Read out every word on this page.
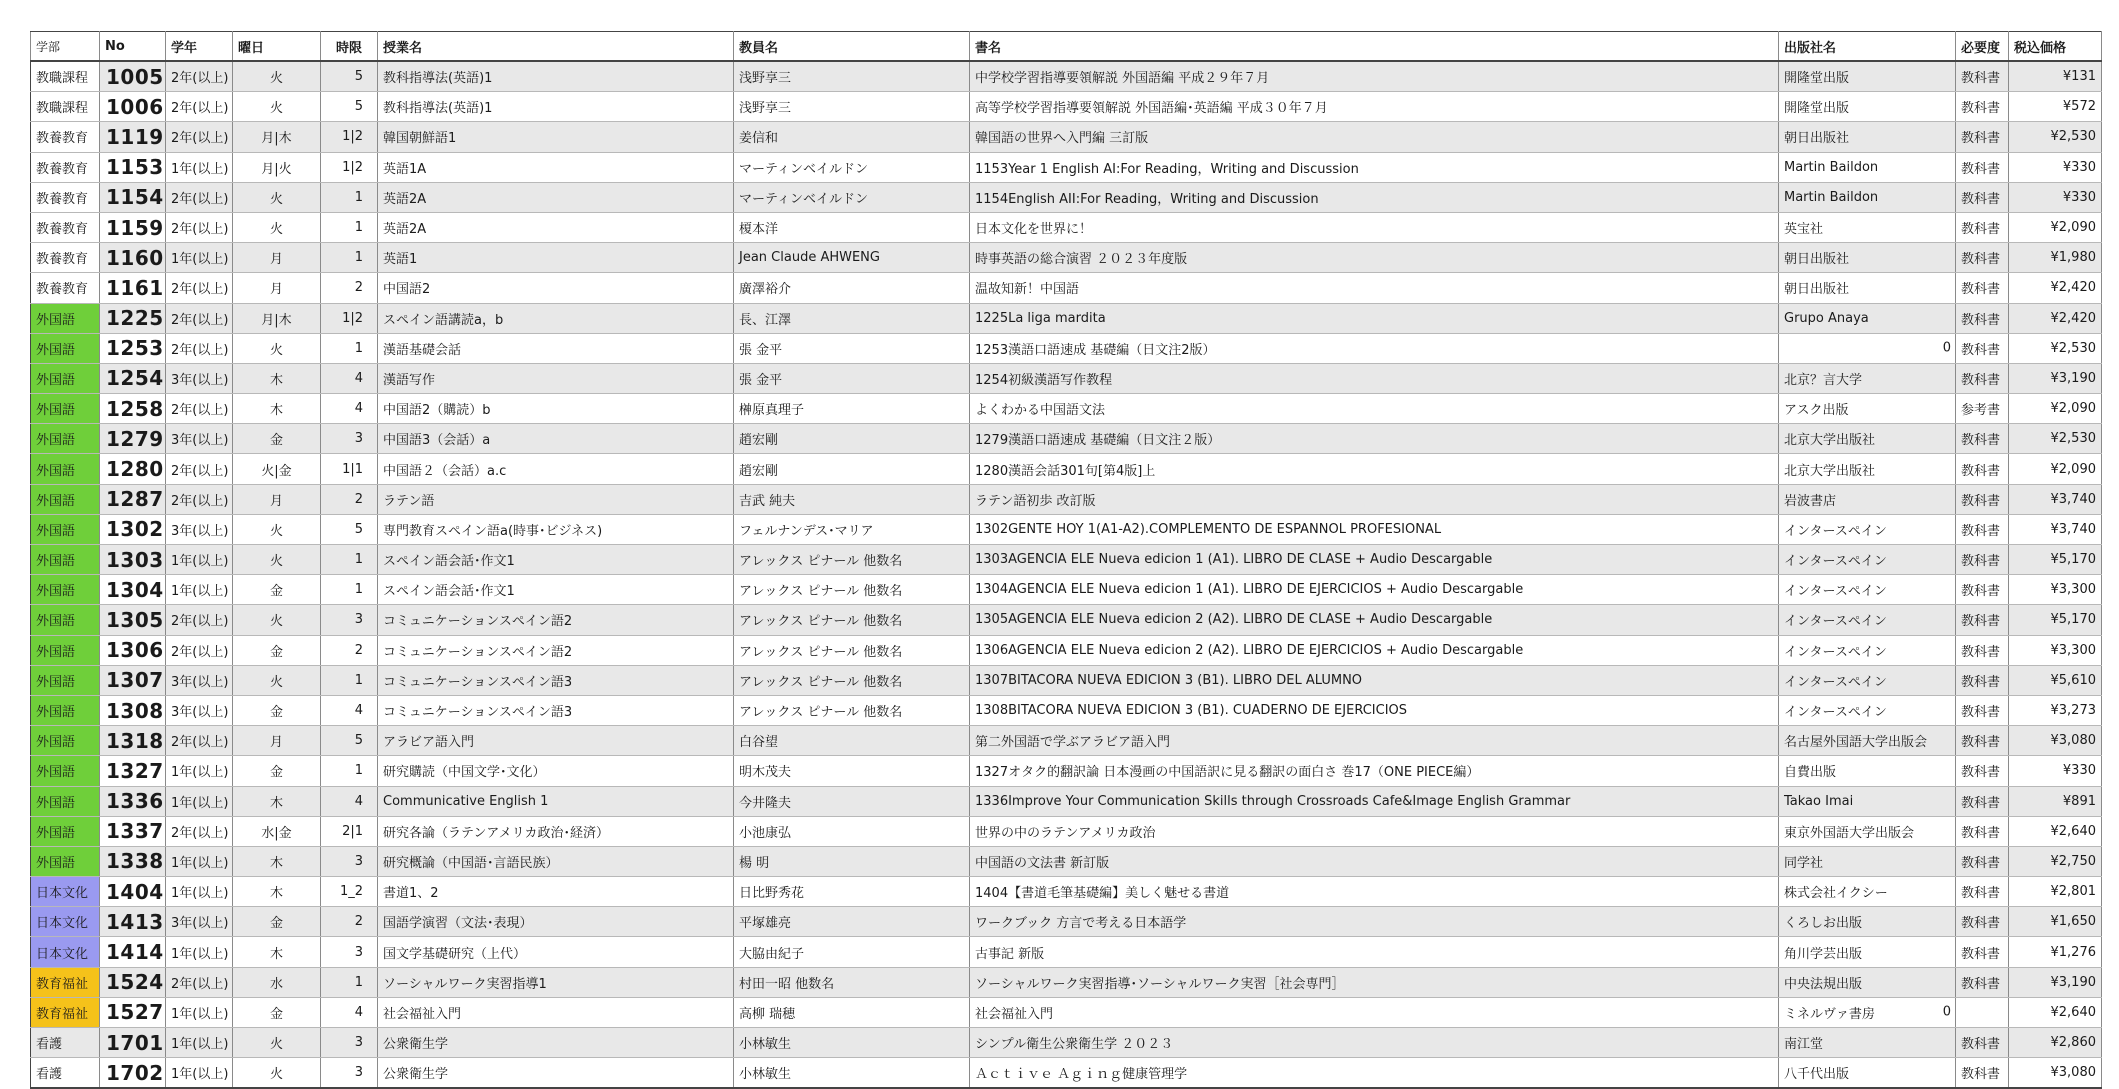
学部	No	学年	曜日	時限	授業名	教員名	書名	出版社名	必要度	税込価格
教職課程	1005	2年(以上)	火	5	教科指導法(英語)1	浅野享三	中学校学習指導要領解説 外国語編 平成２９年７月	開隆堂出版	教科書	¥131
教職課程	1006	2年(以上)	火	5	教科指導法(英語)1	浅野享三	高等学校学習指導要領解説 外国語編･英語編 平成３０年７月	開隆堂出版	教科書	¥572
教養教育	1119	2年(以上)	月|木	1|2	韓国朝鮮語1	姜信和	韓国語の世界へ入門編 三訂版	朝日出版社	教科書	¥2,530
教養教育	1153	1年(以上)	月|火	1|2	英語1A	マーティンベイルドン	1153Year 1 English AI:For Reading，Writing and Discussion	Martin Baildon	教科書	¥330
教養教育	1154	2年(以上)	火	1	英語2A	マーティンベイルドン	1154English AII:For Reading，Writing and Discussion	Martin Baildon	教科書	¥330
教養教育	1159	2年(以上)	火	1	英語2A	榎本洋	日本文化を世界に！	英宝社	教科書	¥2,090
教養教育	1160	1年(以上)	月	1	英語1	Jean Claude AHWENG	時事英語の総合演習 ２０２３年度版	朝日出版社	教科書	¥1,980
教養教育	1161	2年(以上)	月	2	中国語2	廣澤裕介	温故知新！中国語	朝日出版社	教科書	¥2,420
外国語	1225	2年(以上)	月|木	1|2	スペイン語講読a，b	長、江澤	1225La liga mardita	Grupo Anaya	教科書	¥2,420
外国語	1253	2年(以上)	火	1	漢語基礎会話	張 金平	1253漢語口語速成 基礎編（日文注2版）	0	教科書	¥2,530
外国語	1254	3年(以上)	木	4	漢語写作	張 金平	1254初級漢語写作教程	北京？言大学	教科書	¥3,190
外国語	1258	2年(以上)	木	4	中国語2（購読）b	榊原真理子	よくわかる中国語文法	アスク出版	参考書	¥2,090
外国語	1279	3年(以上)	金	3	中国語3（会話）a	趙宏剛	1279漢語口語速成 基礎編（日文注２版）	北京大学出版社	教科書	¥2,530
外国語	1280	2年(以上)	火|金	1|1	中国語２（会話）a.c	趙宏剛	1280漢語会話301句[第4版]上	北京大学出版社	教科書	¥2,090
外国語	1287	2年(以上)	月	2	ラテン語	吉武 純夫	ラテン語初歩 改訂版	岩波書店	教科書	¥3,740
外国語	1302	3年(以上)	火	5	専門教育スペイン語a(時事･ビジネス)	フェルナンデス･マリア	1302GENTE HOY 1(A1-A2).COMPLEMENTO DE ESPANNOL PROFESIONAL	インタースペイン	教科書	¥3,740
外国語	1303	1年(以上)	火	1	スペイン語会話･作文1	アレックス ピナール 他数名	1303AGENCIA ELE Nueva edicion 1 (A1). LIBRO DE CLASE + Audio Descargable	インタースペイン	教科書	¥5,170
外国語	1304	1年(以上)	金	1	スペイン語会話･作文1	アレックス ピナール 他数名	1304AGENCIA ELE Nueva edicion 1 (A1). LIBRO DE EJERCICIOS + Audio Descargable	インタースペイン	教科書	¥3,300
外国語	1305	2年(以上)	火	3	コミュニケーションスペイン語2	アレックス ピナール 他数名	1305AGENCIA ELE Nueva edicion 2 (A2). LIBRO DE CLASE + Audio Descargable	インタースペイン	教科書	¥5,170
外国語	1306	2年(以上)	金	2	コミュニケーションスペイン語2	アレックス ピナール 他数名	1306AGENCIA ELE Nueva edicion 2 (A2). LIBRO DE EJERCICIOS + Audio Descargable	インタースペイン	教科書	¥3,300
外国語	1307	3年(以上)	火	1	コミュニケーションスペイン語3	アレックス ピナール 他数名	1307BITACORA NUEVA EDICION 3 (B1). LIBRO DEL ALUMNO	インタースペイン	教科書	¥5,610
外国語	1308	3年(以上)	金	4	コミュニケーションスペイン語3	アレックス ピナール 他数名	1308BITACORA NUEVA EDICION 3 (B1). CUADERNO DE EJERCICIOS	インタースペイン	教科書	¥3,273
外国語	1318	2年(以上)	月	5	アラビア語入門	白谷望	第二外国語で学ぶアラビア語入門	名古屋外国語大学出版会	教科書	¥3,080
外国語	1327	1年(以上)	金	1	研究購読（中国文学･文化）	明木茂夫	1327オタク的翻訳論 日本漫画の中国語訳に見る翻訳の面白さ 巻17（ONE PIECE編）	自費出版	教科書	¥330
外国語	1336	1年(以上)	木	4	Communicative English 1	今井隆夫	1336Improve Your Communication Skills through Crossroads Cafe&Image English Grammar	Takao Imai	教科書	¥891
外国語	1337	2年(以上)	水|金	2|1	研究各論（ラテンアメリカ政治･経済）	小池康弘	世界の中のラテンアメリカ政治	東京外国語大学出版会	教科書	¥2,640
外国語	1338	1年(以上)	木	3	研究概論（中国語･言語民族）	楊 明	中国語の文法書 新訂版	同学社	教科書	¥2,750
日本文化	1404	1年(以上)	木	1_2	書道1、2	日比野秀花	1404【書道毛筆基礎編】美しく魅せる書道	株式会社イクシー	教科書	¥2,801
日本文化	1413	3年(以上)	金	2	国語学演習（文法･表現）	平塚雄亮	ワークブック 方言で考える日本語学	くろしお出版	教科書	¥1,650
日本文化	1414	1年(以上)	木	3	国文学基礎研究（上代）	大脇由紀子	古事記 新版	角川学芸出版	教科書	¥1,276
教育福祉	1524	2年(以上)	水	1	ソーシャルワーク実習指導1	村田一昭 他数名	ソーシャルワーク実習指導･ソーシャルワーク実習［社会専門］	中央法規出版	教科書	¥3,190
教育福祉	1527	1年(以上)	金	4	社会福祉入門	高柳 瑞穂	社会福祉入門	ミネルヴァ書房 0		¥2,640
看護	1701	1年(以上)	火	3	公衆衛生学	小林敏生	シンプル衛生公衆衛生学 ２０２３	南江堂	教科書	¥2,860
看護	1702	1年(以上)	火	3	公衆衛生学	小林敏生	Ａｃｔｉｖｅ Ａｇｉｎｇ健康管理学	八千代出版	教科書	¥3,080
